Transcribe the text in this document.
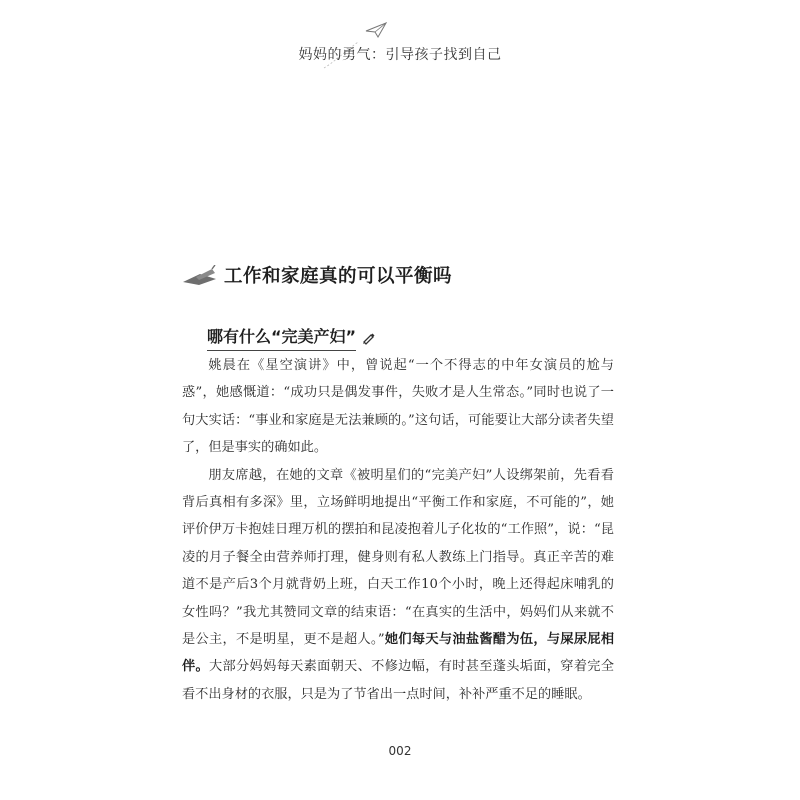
妈妈的勇气：引导孩子找到自己
工作和家庭真的可以平衡吗
哪有什么“完美产妇”

姚晨在《星空演讲》中，曾说起“一个不得志的中年女演员的尬与惑”，她感慨道：“成功只是偶发事件，失败才是人生常态。”同时也说了一句大实话：“事业和家庭是无法兼顾的。”这句话，可能要让大部分读者失望了，但是事实的确如此。

朋友席越，在她的文章《被明星们的“完美产妇”人设绑架前，先看看背后真相有多深》里，立场鲜明地提出“平衡工作和家庭，不可能的”，她评价伊万卡抱娃日理万机的摆拍和昆凌抱着儿子化妆的“工作照”，说：“昆凌的月子餐全由营养师打理，健身则有私人教练上门指导。真正辛苦的难道不是产后3个月就背奶上班，白天工作10个小时，晚上还得起床哺乳的女性吗？”我尤其赞同文章的结束语：“在真实的生活中，妈妈们从来就不是公主，不是明星，更不是超人。”她们每天与油盐酱醋为伍，与屎尿屁相伴。大部分妈妈每天素面朝天、不修边幅，有时甚至蓬头垢面，穿着完全看不出身材的衣服，只是为了节省出一点时间，补补严重不足的睡眠。

002
